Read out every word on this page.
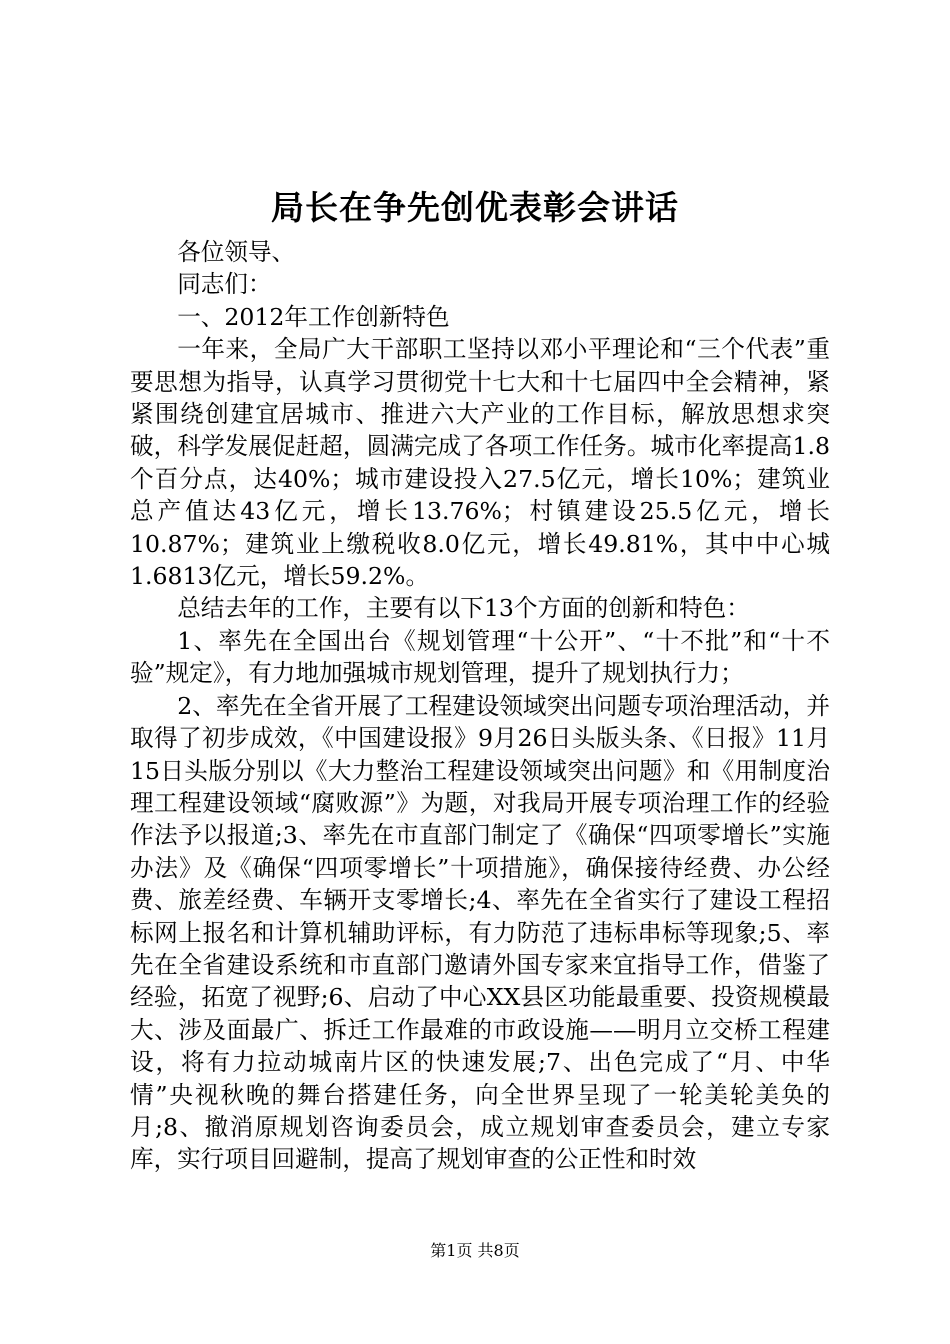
局长在争先创优表彰会讲话

各位领导、

同志们：

一、2012年工作创新特色

一年来，全局广大干部职工坚持以邓小平理论和“三个代表”重要思想为指导，认真学习贯彻党十七大和十七届四中全会精神，紧紧围绕创建宜居城市、推进六大产业的工作目标，解放思想求突破，科学发展促赶超，圆满完成了各项工作任务。城市化率提高1.8个百分点，达40%；城市建设投入27.5亿元，增长10%；建筑业总产值达43亿元，增长13.76%；村镇建设25.5亿元，增长10.87%；建筑业上缴税收8.0亿元，增长49.81%，其中中心城1.6813亿元，增长59.2%。

总结去年的工作，主要有以下13个方面的创新和特色：

1、率先在全国出台《规划管理“十公开”、“十不批”和“十不验”规定》，有力地加强城市规划管理，提升了规划执行力；

2、率先在全省开展了工程建设领域突出问题专项治理活动，并取得了初步成效，《中国建设报》9月26日头版头条、《日报》11月15日头版分别以《大力整治工程建设领域突出问题》和《用制度治理工程建设领域“腐败源”》为题，对我局开展专项治理工作的经验作法予以报道;3、率先在市直部门制定了《确保“四项零增长”实施办法》及《确保“四项零增长”十项措施》，确保接待经费、办公经费、旅差经费、车辆开支零增长;4、率先在全省实行了建设工程招标网上报名和计算机辅助评标，有力防范了违标串标等现象;5、率先在全省建设系统和市直部门邀请外国专家来宜指导工作，借鉴了经验，拓宽了视野;6、启动了中心XX县区功能最重要、投资规模最大、涉及面最广、拆迁工作最难的市政设施——明月立交桥工程建设，将有力拉动城南片区的快速发展;7、出色完成了“月、中华情”央视秋晚的舞台搭建任务，向全世界呈现了一轮美轮美奂的月;8、撤消原规划咨询委员会，成立规划审查委员会，建立专家库，实行项目回避制，提高了规划审查的公正性和时效

第1页 共8页
